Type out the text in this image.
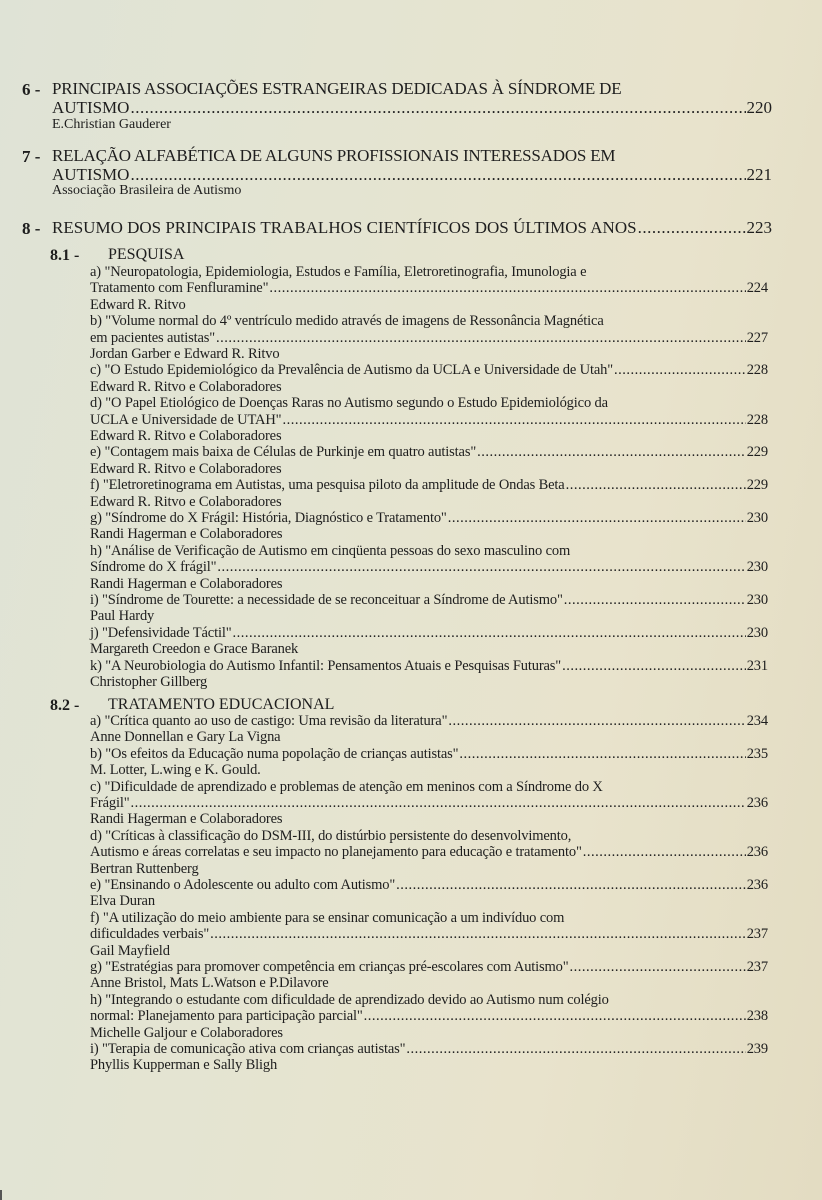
6 - PRINCIPAIS ASSOCIAÇÕES ESTRANGEIRAS DEDICADAS À SÍNDROME DE
AUTISMO .....	220
E.Christian Gauderer
7 - RELAÇÃO ALFABÉTICA DE ALGUNS PROFISSIONAIS INTERESSADOS EM
AUTISMO .....	221
Associação Brasileira de Autismo
8 - RESUMO DOS PRINCIPAIS TRABALHOS CIENTÍFICOS DOS ÚLTIMOS ANOS .....	223
8.1 - PESQUISA
a) "Neuropatologia, Epidemiologia, Estudos e Família, Eletroretinografia, Imunologia e
Tratamento com Fenfluramine" .....	224
Edward R. Ritvo
b) "Volume normal do 4º ventrículo medido através de imagens de Ressonância Magnética
em pacientes autistas" .....	227
Jordan Garber e Edward R. Ritvo
c) "O Estudo Epidemiológico da Prevalência de Autismo da UCLA e Universidade de Utah" .....	228
Edward R. Ritvo e Colaboradores
d) "O Papel Etiológico de Doenças Raras no Autismo segundo o Estudo Epidemiológico da
UCLA e Universidade de UTAH" .....	228
Edward R. Ritvo e Colaboradores
e) "Contagem mais baixa de Células de Purkinje em quatro autistas" .....	229
Edward R. Ritvo e Colaboradores
f) "Eletroretinograma em Autistas, uma pesquisa piloto da amplitude de Ondas Beta .....	229
Edward R. Ritvo e Colaboradores
g) "Síndrome do X Frágil: História, Diagnóstico e Tratamento" .....	230
Randi Hagerman e Colaboradores
h) "Análise de Verificação de Autismo em cinqüenta pessoas do sexo masculino com
Síndrome do X frágil" .....	230
Randi Hagerman e Colaboradores
i) "Síndrome de Tourette: a necessidade de se reconceituar a Síndrome de Autismo" .....	230
Paul Hardy
j) "Defensividade Táctil" .....	230
Margareth Creedon e Grace Baranek
k) "A Neurobiologia do Autismo Infantil: Pensamentos Atuais e Pesquisas Futuras" .....	231
Christopher Gillberg
8.2 - TRATAMENTO EDUCACIONAL
a) "Crítica quanto ao uso de castigo: Uma revisão da literatura" .....	234
Anne Donnellan e Gary La Vigna
b) "Os efeitos da Educação numa popolação de crianças autistas" .....	235
M. Lotter, L.wing e K. Gould.
c) "Dificuldade de aprendizado e problemas de atenção em meninos com a Síndrome do X
Frágil" .....	236
Randi Hagerman e Colaboradores
d) "Críticas à classificação do DSM-III, do distúrbio persistente do desenvolvimento,
Autismo e áreas correlatas e seu impacto no planejamento para educação e tratamento" .....	236
Bertran Ruttenberg
e) "Ensinando o Adolescente ou adulto com Autismo" .....	236
Elva Duran
f) "A utilização do meio ambiente para se ensinar comunicação a um indivíduo com
dificuldades verbais" .....	237
Gail Mayfield
g) "Estratégias para promover competência em crianças pré-escolares com Autismo" .....	237
Anne Bristol, Mats L.Watson e P.Dilavore
h) "Integrando o estudante com dificuldade de aprendizado devido ao Autismo num colégio
normal: Planejamento para participação parcial" .....	238
Michelle Galjour e Colaboradores
i) "Terapia de comunicação ativa com crianças autistas" .....	239
Phyllis Kupperman e Sally Bligh
